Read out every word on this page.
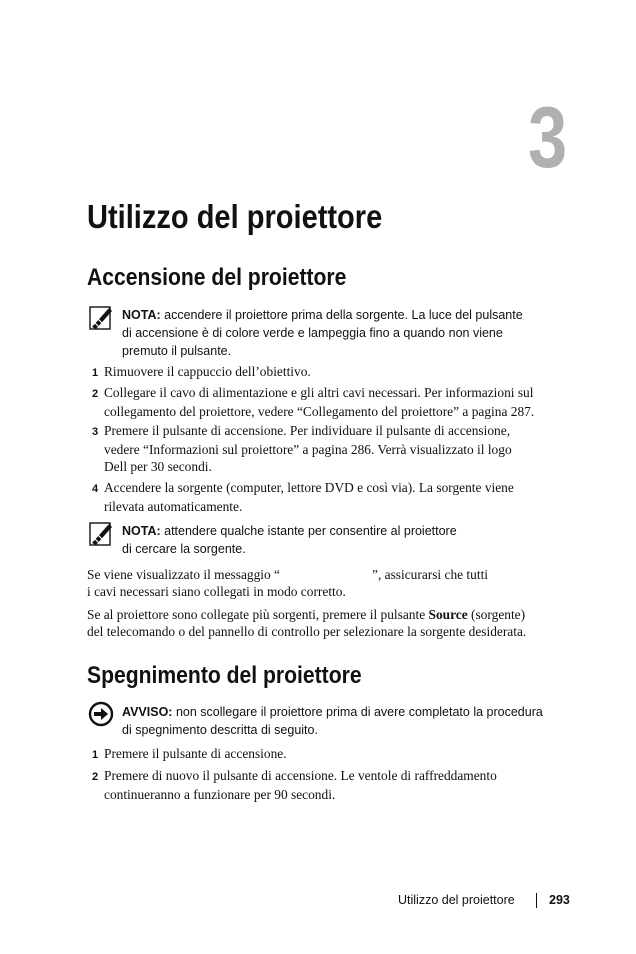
3
Utilizzo del proiettore
Accensione del proiettore
NOTA: accendere il proiettore prima della sorgente. La luce del pulsante
di accensione è di colore verde e lampeggia fino a quando non viene
premuto il pulsante.
1 Rimuovere il cappuccio dell’obiettivo.
2 Collegare il cavo di alimentazione e gli altri cavi necessari. Per informazioni sul
collegamento del proiettore, vedere “Collegamento del proiettore” a pagina 287.
3 Premere il pulsante di accensione. Per individuare il pulsante di accensione,
vedere “Informazioni sul proiettore” a pagina 286. Verrà visualizzato il logo
Dell per 30 secondi.
4 Accendere la sorgente (computer, lettore DVD e così via). La sorgente viene
rilevata automaticamente.
NOTA: attendere qualche istante per consentire al proiettore
di cercare la sorgente.
Se viene visualizzato il messaggio “	”, assicurarsi che tutti
i cavi necessari siano collegati in modo corretto.
Se al proiettore sono collegate più sorgenti, premere il pulsante Source (sorgente)
del telecomando o del pannello di controllo per selezionare la sorgente desiderata.
Spegnimento del proiettore
AVVISO: non scollegare il proiettore prima di avere completato la procedura
di spegnimento descritta di seguito.
1 Premere il pulsante di accensione.
2 Premere di nuovo il pulsante di accensione. Le ventole di raffreddamento
continueranno a funzionare per 90 secondi.
Utilizzo del proiettore	293
